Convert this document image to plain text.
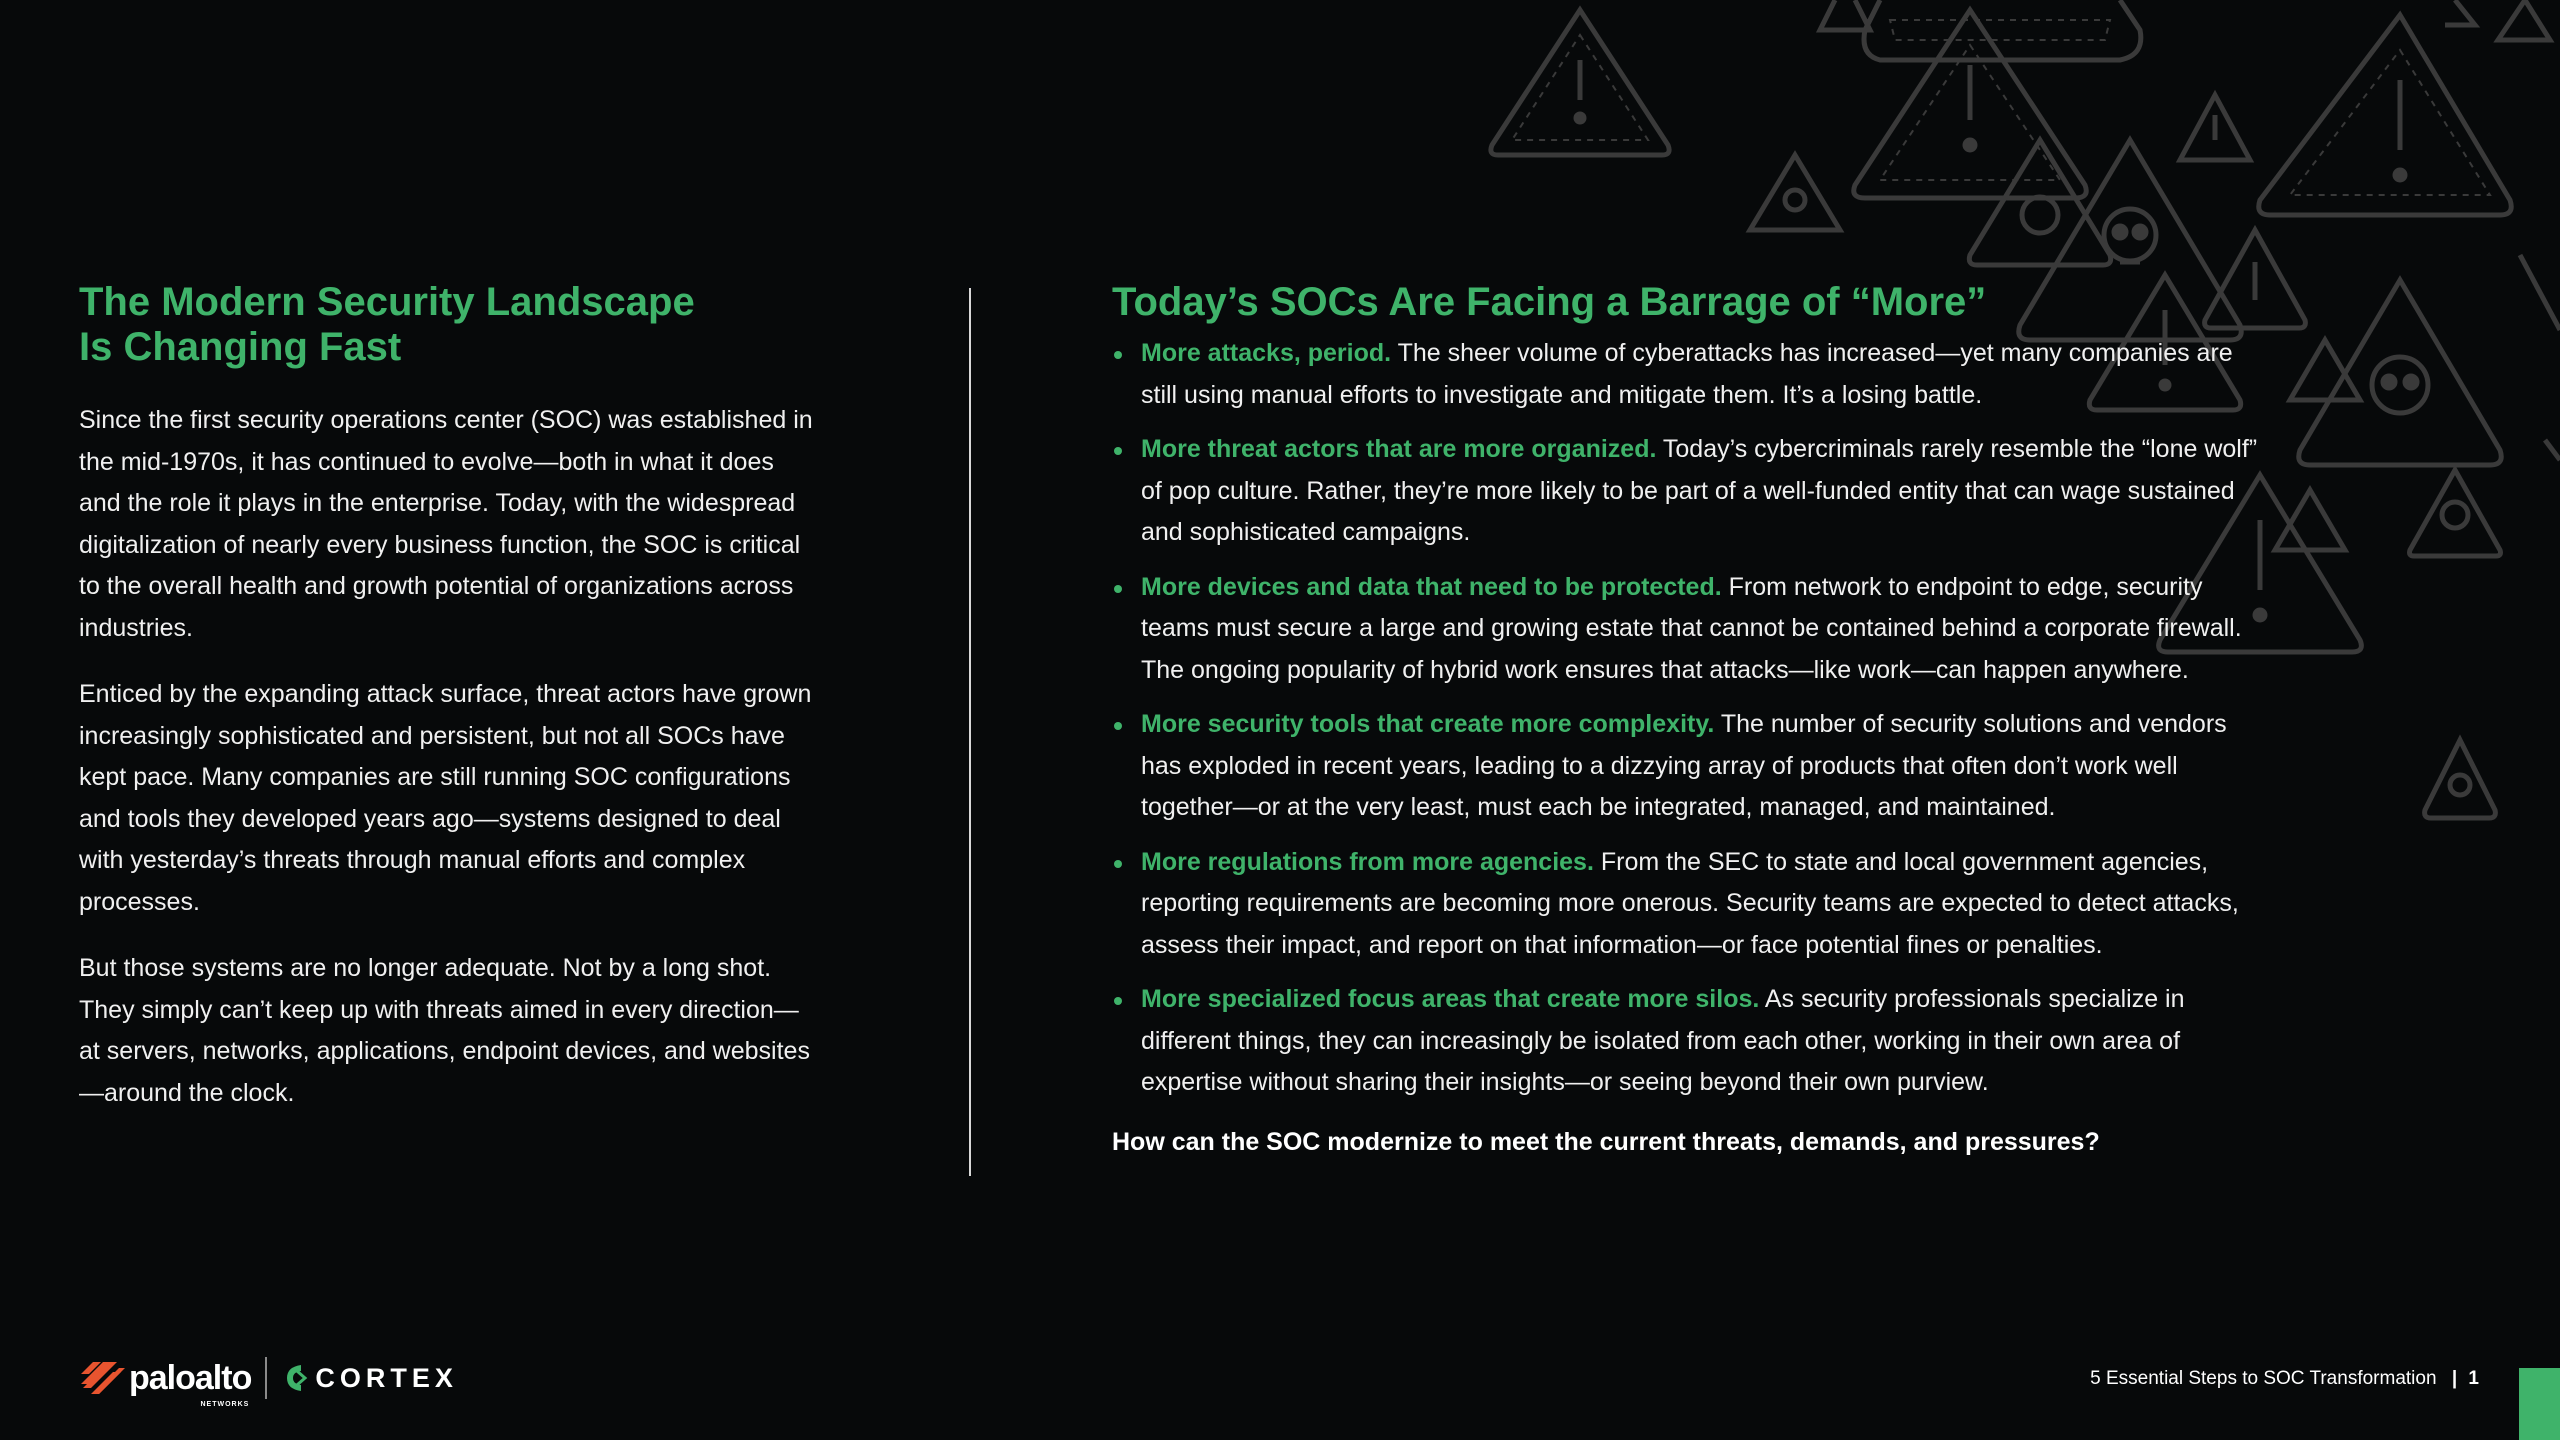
The Modern Security Landscape
Is Changing Fast

Since the first security operations center (SOC) was established in the mid-1970s, it has continued to evolve—both in what it does and the role it plays in the enterprise. Today, with the widespread digitalization of nearly every business function, the SOC is critical to the overall health and growth potential of organizations across industries.

Enticed by the expanding attack surface, threat actors have grown increasingly sophisticated and persistent, but not all SOCs have kept pace. Many companies are still running SOC configurations and tools they developed years ago—systems designed to deal with yesterday’s threats through manual efforts and complex processes.

But those systems are no longer adequate. Not by a long shot. They simply can’t keep up with threats aimed in every direction—at servers, networks, applications, endpoint devices, and websites—around the clock.

Today’s SOCs Are Facing a Barrage of “More”
More attacks, period. The sheer volume of cyberattacks has increased—yet many companies are still using manual efforts to investigate and mitigate them. It’s a losing battle.
More threat actors that are more organized. Today’s cybercriminals rarely resemble the “lone wolf” of pop culture. Rather, they’re more likely to be part of a well-funded entity that can wage sustained and sophisticated campaigns.
More devices and data that need to be protected. From network to endpoint to edge, security teams must secure a large and growing estate that cannot be contained behind a corporate firewall. The ongoing popularity of hybrid work ensures that attacks—like work—can happen anywhere.
More security tools that create more complexity. The number of security solutions and vendors has exploded in recent years, leading to a dizzying array of products that often don’t work well together—or at the very least, must each be integrated, managed, and maintained.
More regulations from more agencies. From the SEC to state and local government agencies, reporting requirements are becoming more onerous. Security teams are expected to detect attacks, assess their impact, and report on that information—or face potential fines or penalties.
More specialized focus areas that create more silos. As security professionals specialize in different things, they can increasingly be isolated from each other, working in their own area of expertise without sharing their insights—or seeing beyond their own purview.
How can the SOC modernize to meet the current threats, demands, and pressures?
paloalto
NETWORKS
CORTEX	5 Essential Steps to SOC Transformation | 1
